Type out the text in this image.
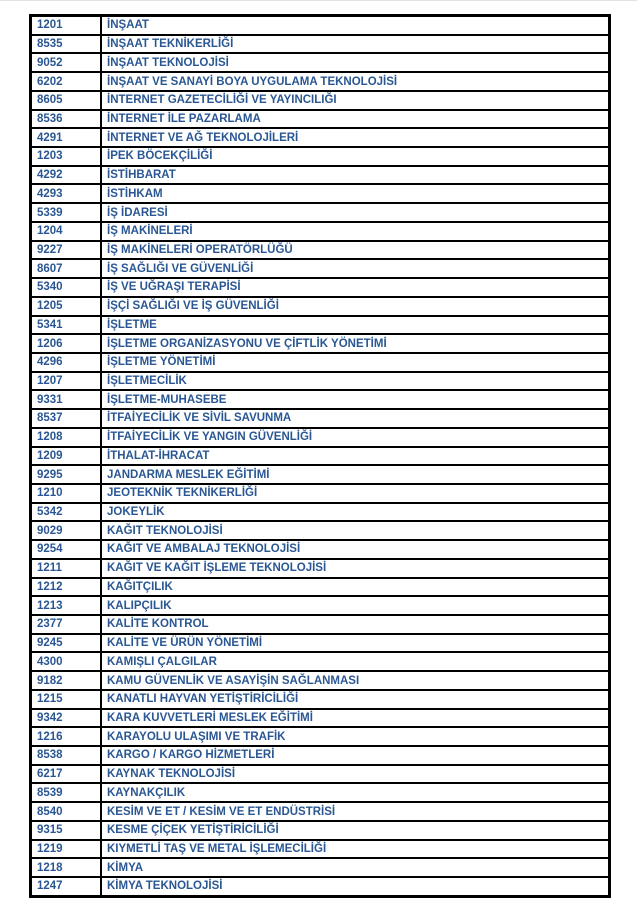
1201	İNŞAAT
8535	İNŞAAT TEKNİKERLİĞİ
9052	İNŞAAT TEKNOLOJİSİ
6202	İNŞAAT VE SANAYİ BOYA UYGULAMA TEKNOLOJİSİ
8605	İNTERNET GAZETECİLİĞİ VE YAYINCILIĞI
8536	İNTERNET İLE PAZARLAMA
4291	İNTERNET VE AĞ TEKNOLOJİLERİ
1203	İPEK BÖCEKÇİLİĞİ
4292	İSTİHBARAT
4293	İSTİHKAM
5339	İŞ İDARESİ
1204	İŞ MAKİNELERİ
9227	İŞ MAKİNELERİ OPERATÖRLÜĞÜ
8607	İŞ SAĞLIĞI VE GÜVENLİĞİ
5340	İŞ VE UĞRAŞI TERAPİSİ
1205	İŞÇİ SAĞLIĞI VE İŞ GÜVENLİĞİ
5341	İŞLETME
1206	İŞLETME ORGANİZASYONU VE ÇİFTLİK YÖNETİMİ
4296	İŞLETME YÖNETİMİ
1207	İŞLETMECİLİK
9331	İŞLETME-MUHASEBE
8537	İTFAİYECİLİK VE SİVİL SAVUNMA
1208	İTFAİYECİLİK VE YANGIN GÜVENLİĞİ
1209	İTHALAT-İHRACAT
9295	JANDARMA MESLEK EĞİTİMİ
1210	JEOTEKNİK TEKNİKERLİĞİ
5342	JOKEYLİK
9029	KAĞIT TEKNOLOJİSİ
9254	KAĞIT VE AMBALAJ TEKNOLOJİSİ
1211	KAĞIT VE KAĞIT İŞLEME TEKNOLOJİSİ
1212	KAĞITÇILIK
1213	KALIPÇILIK
2377	KALİTE KONTROL
9245	KALİTE VE ÜRÜN YÖNETİMİ
4300	KAMIŞLI ÇALGILAR
9182	KAMU GÜVENLİK VE ASAYİŞİN SAĞLANMASI
1215	KANATLI HAYVAN YETİŞTİRİCİLİĞİ
9342	KARA KUVVETLERİ MESLEK EĞİTİMİ
1216	KARAYOLU ULAŞIMI VE TRAFİK
8538	KARGO / KARGO HİZMETLERİ
6217	KAYNAK TEKNOLOJİSİ
8539	KAYNAKÇILIK
8540	KESİM VE ET / KESİM VE ET ENDÜSTRİSİ
9315	KESME ÇİÇEK YETİŞTİRİCİLİĞİ
1219	KIYMETLİ TAŞ VE METAL İŞLEMECİLİĞİ
1218	KİMYA
1247	KİMYA TEKNOLOJİSİ
